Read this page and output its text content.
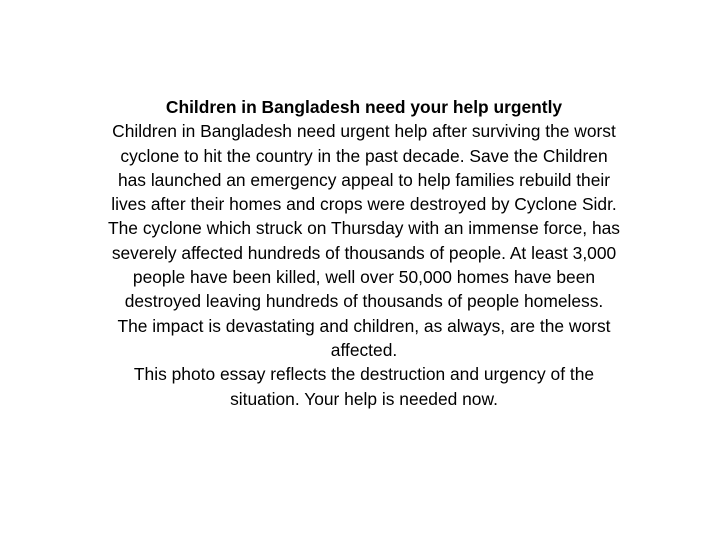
Children in Bangladesh need your help urgently
Children in Bangladesh need urgent help after surviving the worst
cyclone to hit the country in the past decade. Save the Children
has launched an emergency appeal to help families rebuild their
lives after their homes and crops were destroyed by Cyclone Sidr.
The cyclone which struck on Thursday with an immense force, has
severely affected hundreds of thousands of people. At least 3,000
people have been killed, well over 50,000 homes have been
destroyed leaving hundreds of thousands of people homeless.
The impact is devastating and children, as always, are the worst
affected.
This photo essay reflects the destruction and urgency of the
situation. Your help is needed now.
